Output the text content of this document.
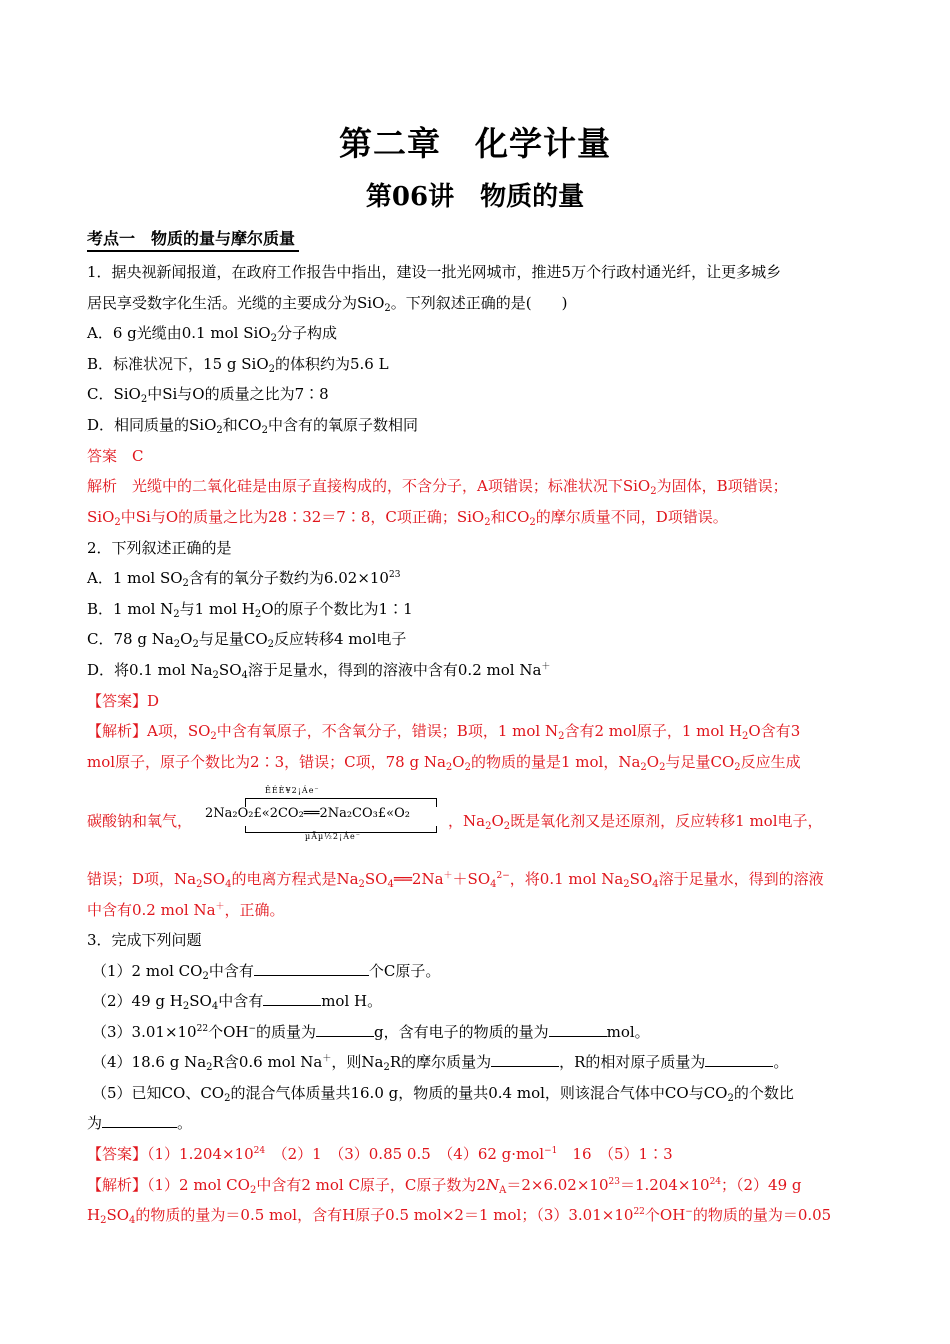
第二章　化学计量
第06讲　物质的量
考点一　物质的量与摩尔质量
1．据央视新闻报道，在政府工作报告中指出，建设一批光网城市，推进5万个行政村通光纤，让更多城乡
居民享受数字化生活。光缆的主要成分为SiO$_2$。下列叙述正确的是(　　)
A．6 g光缆由0.1 mol SiO$_2$分子构成
B．标准状况下，15 g SiO$_2$的体积约为5.6 L
C．SiO$_2$中Si与O的质量之比为7∶8
D．相同质量的SiO$_2$和$CO_2$中含有的氧原子数相同
答案　C
解析　光缆中的二氧化硅是由原子直接构成的，不含分子，A项错误；标准状况下SiO$_2$为固体，B项错误；
SiO$_2$中Si与O的质量之比为28∶32＝7∶8，C项正确；SiO$_2$和$CO_2$的摩尔质量不同，D项错误。
2．下列叙述正确的是
A．1 mol $SO_2$含有的氧分子数约为$6.02\times 10^{23}$
B．1 mol $N_2$与1 mol $H_2O$的原子个数比为1∶1
C．78 g $Na_2O_2$与足量$CO_2$反应转移4 mol电子
D．将0.1 mol $Na_2SO_4$溶于足量水，得到的溶液中含有0.2 mol Na＋
【答案】D
【解析】A项，$SO_2$中含有氧原子，不含氧分子，错误；B项，1 mol $N_2$含有2 mol原子，1 mol $H_2O$含有3
mol原子，原子个数比为2∶3，错误；C项，78 g $Na_2O_2$的物质的量是1 mol，$Na_2O_2$与足量$CO_2$反应生成
碳酸钠和氧气，
ÊÉÈ¥2¡Áe⁻
2Na₂O₂£«2CO₂══2Na₂CO₃£«O₂
µÃµ½2¡Áe⁻
，$Na_2O_2$既是氧化剂又是还原剂，反应转移1 mol电子，
错误；D项，$Na_2SO_4$的电离方程式是$Na_2SO_4══2Na^++SO_4^{2-}$，将0.1 mol $Na_2SO_4$溶于足量水，得到的溶液
中含有0.2 mol Na＋，正确。
3．完成下列问题
（1）2 mol $CO_2$中含有	个C原子。
（2）49 g $H_2SO_4$中含有	mol H。
$(3)3.01\times 10^{22}$个OH−的质量为	g，含有电子的物质的量为	mol。
（4）18.6 g $Na_2R$含0.6 mol Na＋，则$Na_2R$的摩尔质量为	，R的相对原子质量为	。
（5）已知CO、$CO_2$的混合气体质量共16.0 g，物质的量共0.4 mol，则该混合气体中CO与$CO_2$的个数比
为	。
【答案】$(1)1.204\times 10^{24}$　 （2）1　（3）0.85 0.5　（4）62 g·mol$^{-1}$　 16　（5）1∶3
【解析】（1）2 mol $CO_2$中含有2 mol C原子，C原子数为$2N_A=2\times 6.02\times 10^{23}=1.204\times 10^{24}$；（2）49 g
$H_2SO_4$的物质的量为＝0.5 mol，含有H原子0.5 mol×2＝1 mol；$(3)3.01\times 10^{22}$个OH−的物质的量为＝0.05
